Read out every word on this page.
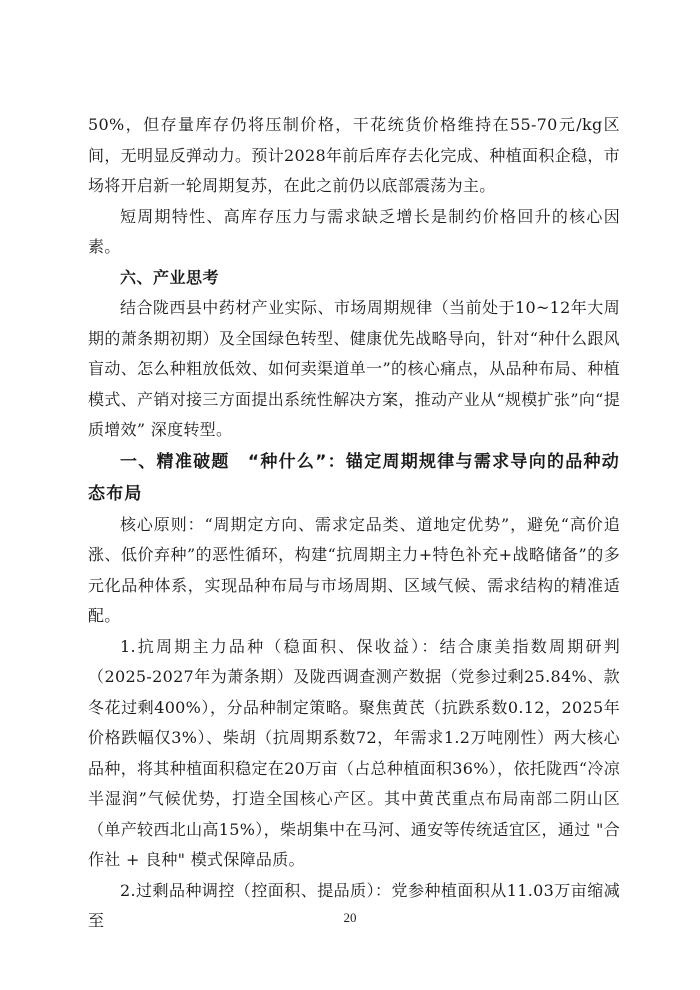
50%，但存量库存仍将压制价格，干花统货价格维持在55-70元/kg区间，无明显反弹动力。预计2028年前后库存去化完成、种植面积企稳，市场将开启新一轮周期复苏，在此之前仍以底部震荡为主。

短周期特性、高库存压力与需求缺乏增长是制约价格回升的核心因素。

六、产业思考

结合陇西县中药材产业实际、市场周期规律（当前处于10~12年大周期的萧条期初期）及全国绿色转型、健康优先战略导向，针对“种什么跟风盲动、怎么种粗放低效、如何卖渠道单一”的核心痛点，从品种布局、种植模式、产销对接三方面提出系统性解决方案，推动产业从“规模扩张”向“提质增效” 深度转型。

一、精准破题　“种什么”：锚定周期规律与需求导向的品种动态布局

核心原则：“周期定方向、需求定品类、道地定优势”，避免“高价追涨、低价弃种”的恶性循环，构建“抗周期主力+特色补充+战略储备”的多元化品种体系，实现品种布局与市场周期、区域气候、需求结构的精准适配。

1.抗周期主力品种（稳面积、保收益）：结合康美指数周期研判（2025-2027年为萧条期）及陇西调查测产数据（党参过剩25.84%、款冬花过剩400%），分品种制定策略。聚焦黄芪（抗跌系数0.12，2025年价格跌幅仅3%）、柴胡（抗周期系数72，年需求1.2万吨刚性）两大核心品种，将其种植面积稳定在20万亩（占总种植面积36%），依托陇西“冷凉半湿润”气候优势，打造全国核心产区。其中黄芪重点布局南部二阴山区（单产较西北山高15%），柴胡集中在马河、通安等传统适宜区，通过 "合作社 + 良种" 模式保障品质。

2.过剩品种调控（控面积、提品质）：党参种植面积从11.03万亩缩减至	20
